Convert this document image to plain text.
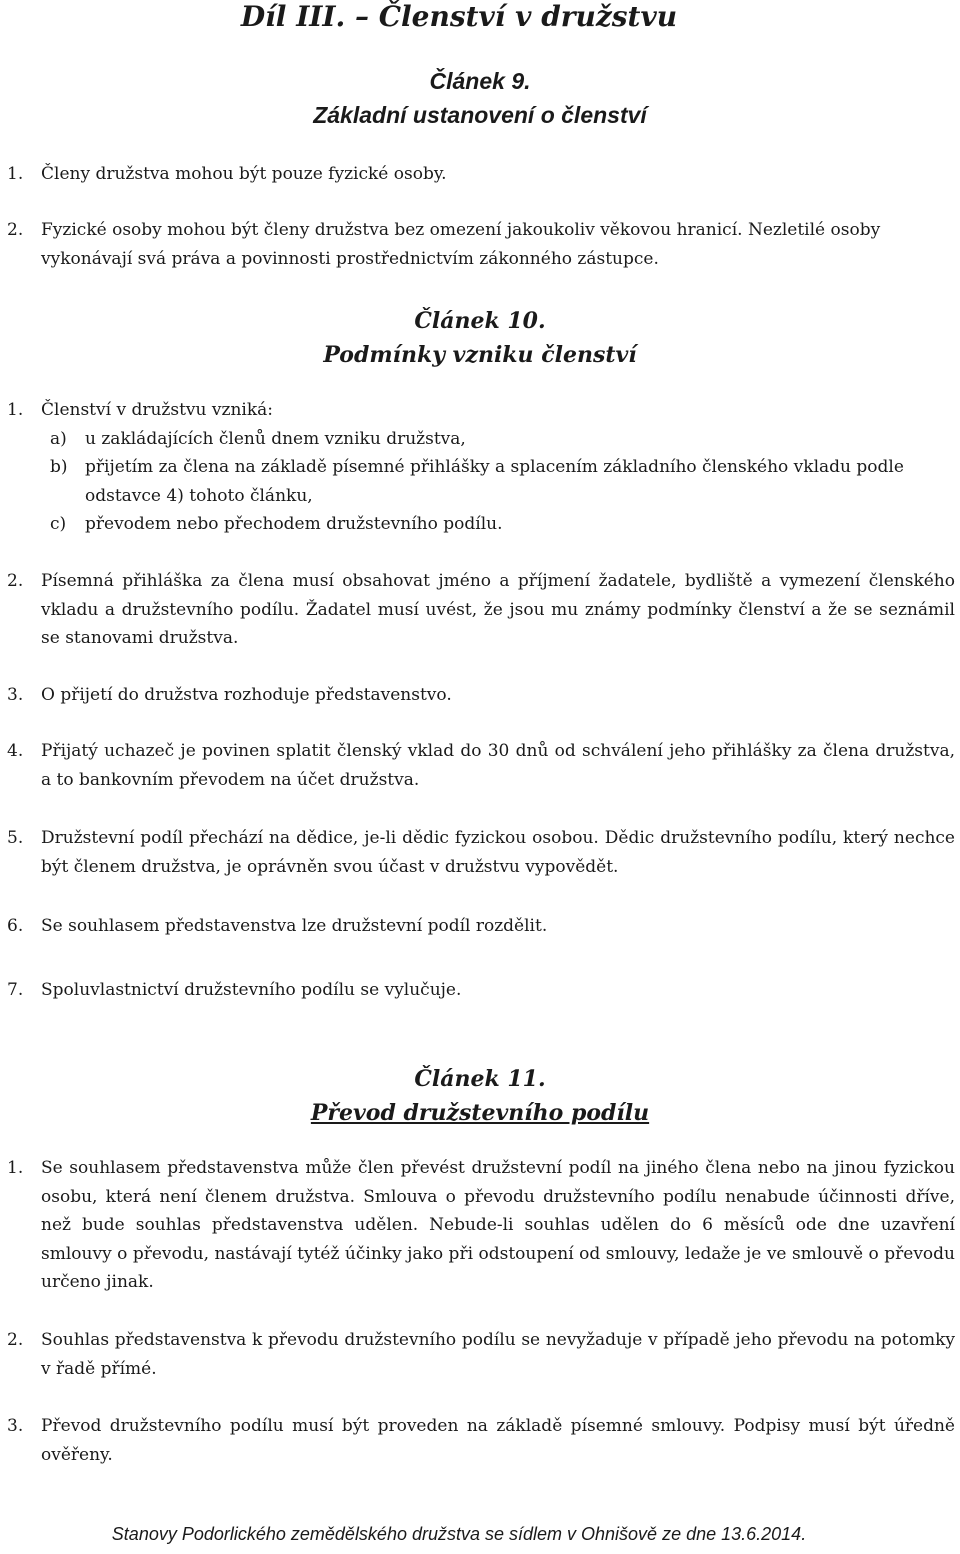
Díl III. – Členství v družstvu
Článek 9.
Základní ustanovení o členství
1. Členy družstva mohou být pouze fyzické osoby.
2. Fyzické osoby mohou být členy družstva bez omezení jakoukoliv věkovou hranicí. Nezletilé osoby vykonávají svá práva a povinnosti prostřednictvím zákonného zástupce.
Článek 10.
Podmínky vzniku členství
1. Členství v družstvu vzniká:
a) u zakládajících členů dnem vzniku družstva,
b) přijetím za člena na základě písemné přihlášky a splacením základního členského vkladu podle odstavce 4) tohoto článku,
c) převodem nebo přechodem družstevního podílu.
2. Písemná přihláška za člena musí obsahovat jméno a příjmení žadatele, bydliště a vymezení členského vkladu a družstevního podílu. Žadatel musí uvést, že jsou mu známy podmínky členství a že se seznámil se stanovami družstva.
3. O přijetí do družstva rozhoduje představenstvo.
4. Přijatý uchazeč je povinen splatit členský vklad do 30 dnů od schválení jeho přihlášky za člena družstva, a to bankovním převodem na účet družstva.
5. Družstevní podíl přechází na dědice, je-li dědic fyzickou osobou. Dědic družstevního podílu, který nechce být členem družstva, je oprávněn svou účast v družstvu vypovědět.
6. Se souhlasem představenstva lze družstevní podíl rozdělit.
7. Spoluvlastnictví družstevního podílu se vylučuje.
Článek 11.
Převod družstevního podílu
1. Se souhlasem představenstva může člen převést družstevní podíl na jiného člena nebo na jinou fyzickou osobu, která není členem družstva. Smlouva o převodu družstevního podílu nenabude účinnosti dříve, než bude souhlas představenstva udělen. Nebude-li souhlas udělen do 6 měsíců ode dne uzavření smlouvy o převodu, nastávají tytéž účinky jako při odstoupení od smlouvy, ledaže je ve smlouvě o převodu určeno jinak.
2. Souhlas představenstva k převodu družstevního podílu se nevyžaduje v případě jeho převodu na potomky v řadě přímé.
3. Převod družstevního podílu musí být proveden na základě písemné smlouvy. Podpisy musí být úředně ověřeny.
Stanovy Podorlického zemědělského družstva se sídlem v Ohnišově ze dne 13.6.2014.
